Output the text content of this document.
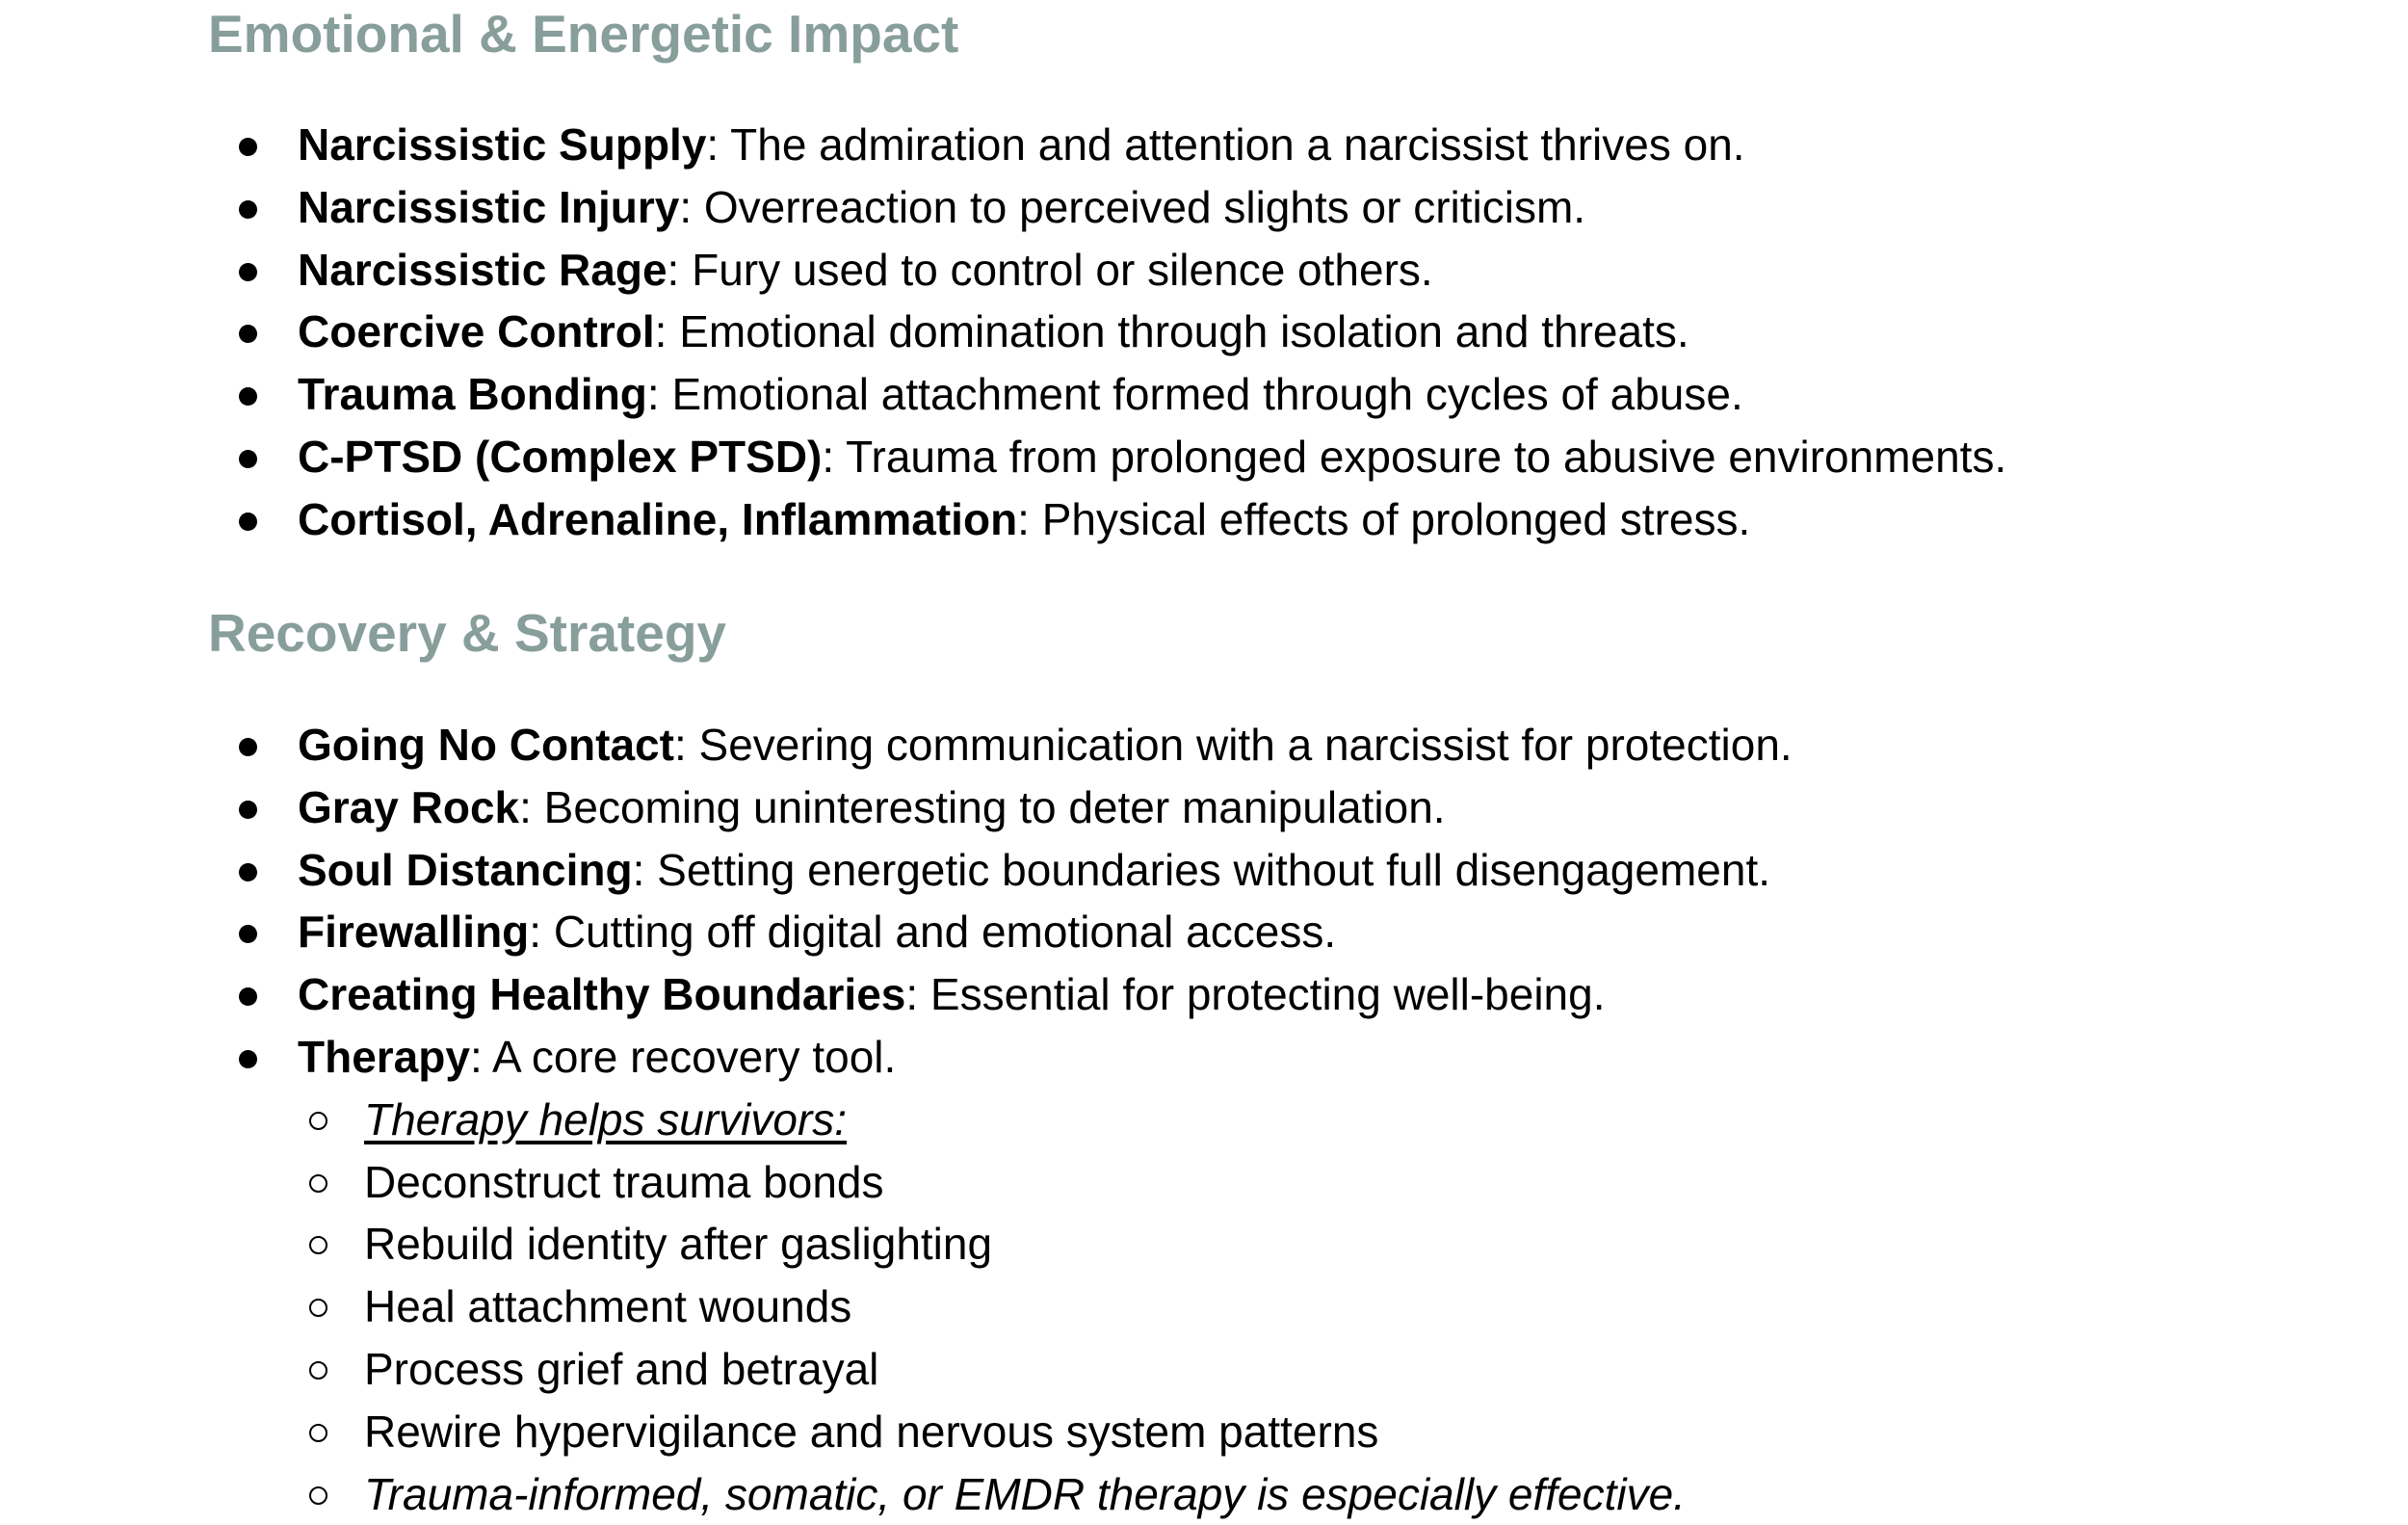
Emotional & Energetic Impact
Narcissistic Supply: The admiration and attention a narcissist thrives on.
Narcissistic Injury: Overreaction to perceived slights or criticism.
Narcissistic Rage: Fury used to control or silence others.
Coercive Control: Emotional domination through isolation and threats.
Trauma Bonding: Emotional attachment formed through cycles of abuse.
C-PTSD (Complex PTSD): Trauma from prolonged exposure to abusive environments.
Cortisol, Adrenaline, Inflammation: Physical effects of prolonged stress.
Recovery & Strategy
Going No Contact: Severing communication with a narcissist for protection.
Gray Rock: Becoming uninteresting to deter manipulation.
Soul Distancing: Setting energetic boundaries without full disengagement.
Firewalling: Cutting off digital and emotional access.
Creating Healthy Boundaries: Essential for protecting well-being.
Therapy: A core recovery tool.
Therapy helps survivors:
Deconstruct trauma bonds
Rebuild identity after gaslighting
Heal attachment wounds
Process grief and betrayal
Rewire hypervigilance and nervous system patterns
Trauma-informed, somatic, or EMDR therapy is especially effective.
